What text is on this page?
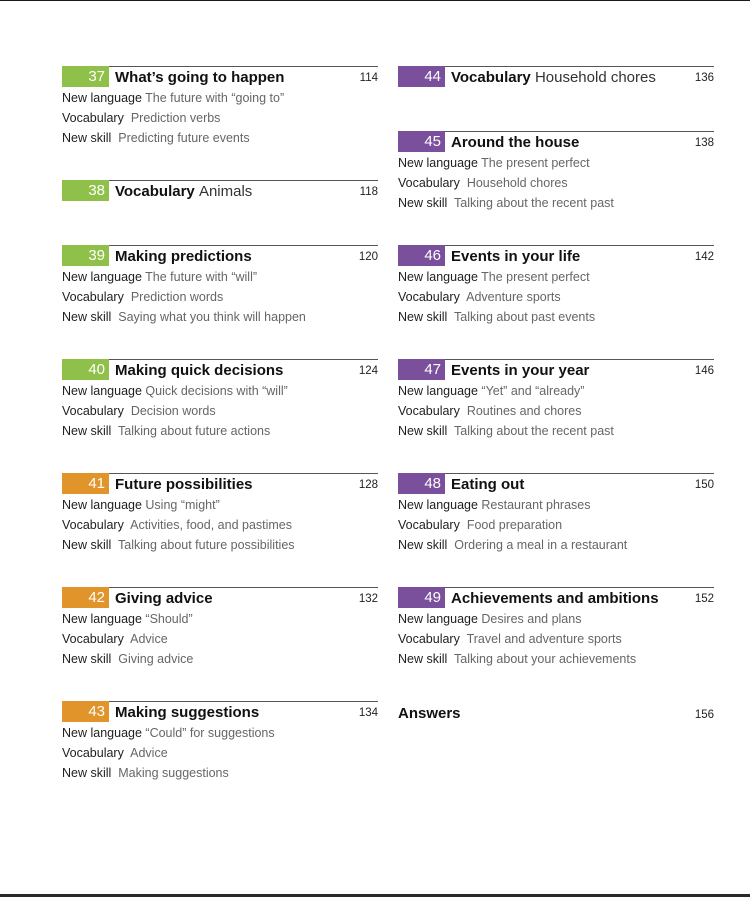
37 What’s going to happen	114
New language The future with “going to”
Vocabulary Prediction verbs
New skill Predicting future events
38 Vocabulary Animals	118
39 Making predictions	120
New language The future with “will”
Vocabulary Prediction words
New skill Saying what you think will happen
40 Making quick decisions	124
New language Quick decisions with “will”
Vocabulary Decision words
New skill Talking about future actions
41 Future possibilities	128
New language Using “might”
Vocabulary Activities, food, and pastimes
New skill Talking about future possibilities
42 Giving advice	132
New language “Should”
Vocabulary Advice
New skill Giving advice
43 Making suggestions	134
New language “Could” for suggestions
Vocabulary Advice
New skill Making suggestions
44 Vocabulary Household chores	136
45 Around the house	138
New language The present perfect
Vocabulary Household chores
New skill Talking about the recent past
46 Events in your life	142
New language The present perfect
Vocabulary Adventure sports
New skill Talking about past events
47 Events in your year	146
New language “Yet” and “already”
Vocabulary Routines and chores
New skill Talking about the recent past
48 Eating out	150
New language Restaurant phrases
Vocabulary Food preparation
New skill Ordering a meal in a restaurant
49 Achievements and ambitions	152
New language Desires and plans
Vocabulary Travel and adventure sports
New skill Talking about your achievements
Answers	156
